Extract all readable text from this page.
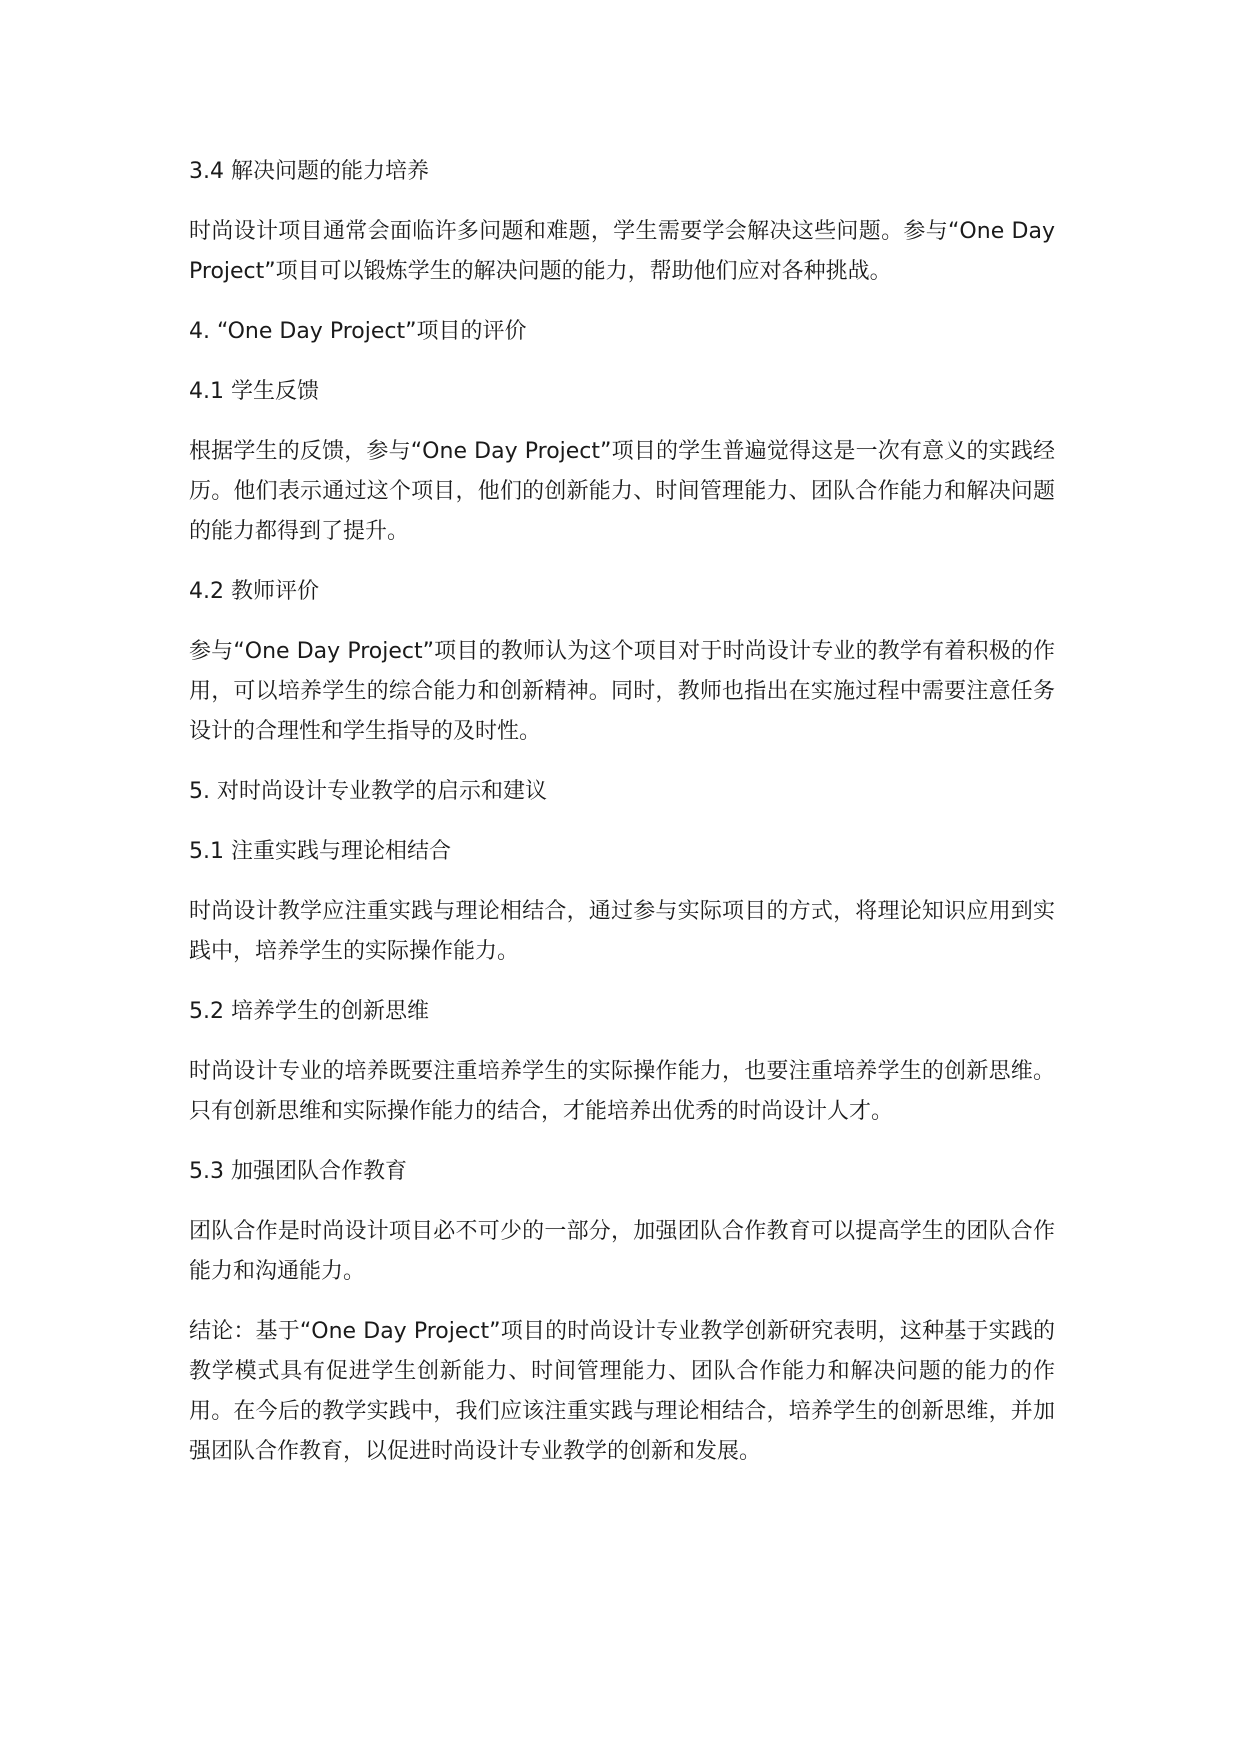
3.4 解决问题的能力培养

时尚设计项目通常会面临许多问题和难题，学生需要学会解决这些问题。参与“One Day Project”项目可以锻炼学生的解决问题的能力，帮助他们应对各种挑战。

4. “One Day Project”项目的评价

4.1 学生反馈

根据学生的反馈，参与“One Day Project”项目的学生普遍觉得这是一次有意义的实践经历。他们表示通过这个项目，他们的创新能力、时间管理能力、团队合作能力和解决问题的能力都得到了提升。

4.2 教师评价

参与“One Day Project”项目的教师认为这个项目对于时尚设计专业的教学有着积极的作用，可以培养学生的综合能力和创新精神。同时，教师也指出在实施过程中需要注意任务设计的合理性和学生指导的及时性。

5. 对时尚设计专业教学的启示和建议

5.1 注重实践与理论相结合

时尚设计教学应注重实践与理论相结合，通过参与实际项目的方式，将理论知识应用到实践中，培养学生的实际操作能力。

5.2 培养学生的创新思维

时尚设计专业的培养既要注重培养学生的实际操作能力，也要注重培养学生的创新思维。只有创新思维和实际操作能力的结合，才能培养出优秀的时尚设计人才。

5.3 加强团队合作教育

团队合作是时尚设计项目必不可少的一部分，加强团队合作教育可以提高学生的团队合作能力和沟通能力。

结论：基于“One Day Project”项目的时尚设计专业教学创新研究表明，这种基于实践的教学模式具有促进学生创新能力、时间管理能力、团队合作能力和解决问题的能力的作用。在今后的教学实践中，我们应该注重实践与理论相结合，培养学生的创新思维，并加强团队合作教育，以促进时尚设计专业教学的创新和发展。
